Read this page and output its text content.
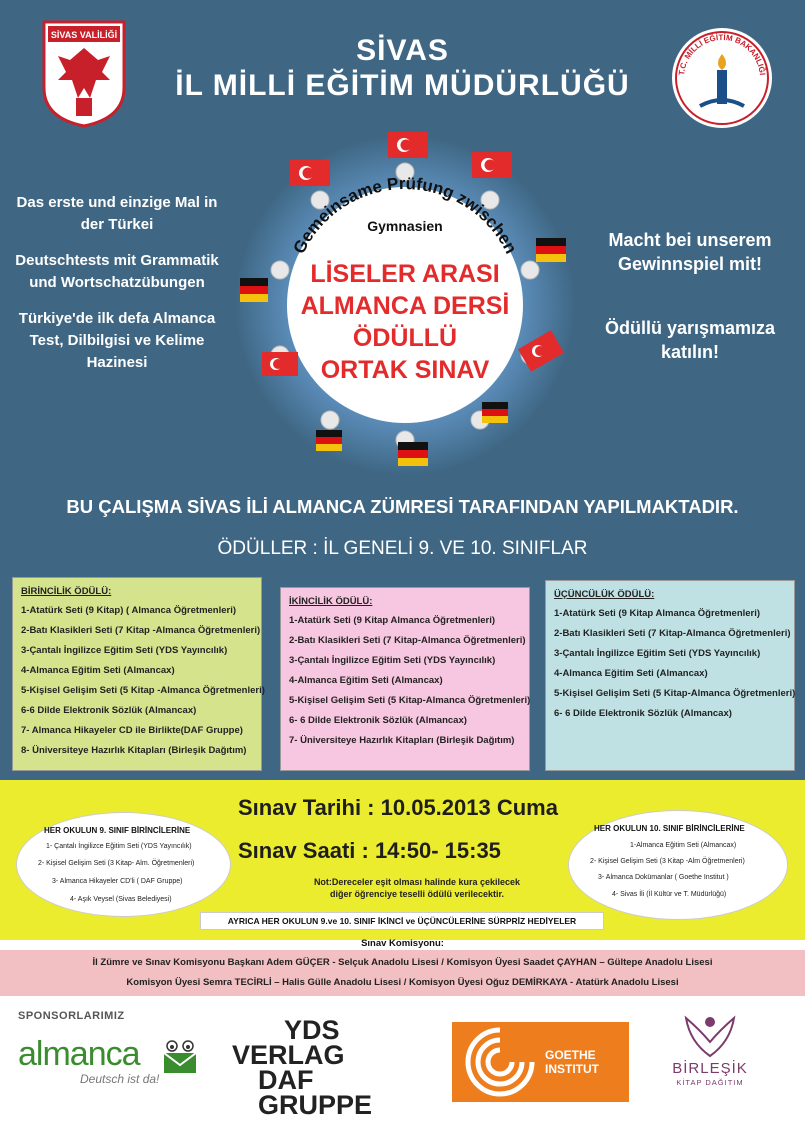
SİVAS VALİLİĞİ	SİVAS
İL MİLLİ EĞİTİM MÜDÜRLÜĞÜ	T.C. MİLLİ EĞİTİM BAKANLIĞI

Das erste und einzige Mal in der Türkei

Deutschtests mit Grammatik und Wortschatzübungen

Türkiye'de ilk defa Almanca Test, Dilbilgisi ve Kelime Hazinesi

Macht bei unserem Gewinnspiel mit!

Ödüllü yarışmamıza katılın!

Gemeinsame Prüfung zwischen
Gymnasien
LİSELER ARASI
ALMANCA DERSİ
ÖDÜLLÜ
ORTAK SINAV
BU ÇALIŞMA SİVAS İLİ ALMANCA ZÜMRESİ TARAFINDAN YAPILMAKTADIR.
ÖDÜLLER : İL GENELİ 9. VE 10. SINIFLAR
BİRİNCİLİK ÖDÜLÜ:
1-Atatürk Seti (9 Kitap) ( Almanca Öğretmenleri)
2-Batı Klasikleri Seti (7 Kitap -Almanca Öğretmenleri)
3-Çantalı İngilizce Eğitim Seti (YDS Yayıncılık)
4-Almanca Eğitim Seti (Almancax)
5-Kişisel Gelişim Seti (5 Kitap -Almanca Öğretmenleri)
6-6 Dilde Elektronik Sözlük (Almancax)
7- Almanca Hikayeler CD ile Birlikte(DAF Gruppe)
8- Üniversiteye Hazırlık Kitapları (Birleşik Dağıtım)
İKİNCİLİK ÖDÜLÜ:
1-Atatürk Seti (9 Kitap Almanca Öğretmenleri)
2-Batı Klasikleri Seti (7 Kitap-Almanca Öğretmenleri)
3-Çantalı İngilizce Eğitim Seti (YDS Yayıncılık)
4-Almanca Eğitim Seti (Almancax)
5-Kişisel Gelişim Seti (5 Kitap-Almanca Öğretmenleri)
6- 6 Dilde Elektronik Sözlük (Almancax)
7- Üniversiteye Hazırlık Kitapları (Birleşik Dağıtım)
ÜÇÜNCÜLÜK ÖDÜLÜ:
1-Atatürk Seti (9 Kitap Almanca Öğretmenleri)
2-Batı Klasikleri Seti (7 Kitap-Almanca Öğretmenleri)
3-Çantalı İngilizce Eğitim Seti (YDS Yayıncılık)
4-Almanca Eğitim Seti (Almancax)
5-Kişisel Gelişim Seti (5 Kitap-Almanca Öğretmenleri)
6- 6 Dilde Elektronik Sözlük (Almancax)
Sınav Tarihi : 10.05.2013 Cuma
Sınav Saati : 14:50- 15:35
Not:Dereceler eşit olması halinde kura çekilecek
diğer öğrenciye teselli ödülü verilecektir.
HER OKULUN 9. SINIF BİRİNCİLERİNE
1- Çantalı İngilizce Eğitim Seti (YDS Yayıncılık)
2- Kişisel Gelişim Seti (3 Kitap- Alm. Öğretmenleri)
3- Almanca Hikayeler CD'li ( DAF Gruppe)
4- Aşık Veysel (Sivas Belediyesi)
HER OKULUN 10. SINIF BİRİNCİLERİNE
1-Almanca Eğitim Seti (Almancax)
2- Kişisel Gelişim Seti (3 Kitap -Alm Öğretmenleri)
3- Almanca Dokümanlar ( Goethe Institut )
4- Sivas İli (İl Kültür ve T. Müdürlüğü)
AYRICA HER OKULUN 9.ve 10. SINIF İKİNCİ ve ÜÇÜNCÜLERİNE SÜRPRİZ HEDİYELER
Sınav Komisyonu:
İl Zümre ve Sınav Komisyonu Başkanı Adem GÜÇER - Selçuk Anadolu Lisesi / Komisyon Üyesi Saadet ÇAYHAN – Gültepe Anadolu Lisesi
Komisyon Üyesi Semra TECİRLİ – Halis Gülle Anadolu Lisesi / Komisyon Üyesi Oğuz DEMİRKAYA - Atatürk Anadolu Lisesi
SPONSORLARIMIZ
almanca
Deutsch ist da!
YDS
VERLAG
DAF GRUPPE
GOETHE
INSTITUT	BİRLEŞİK
KİTAP DAĞITIM
